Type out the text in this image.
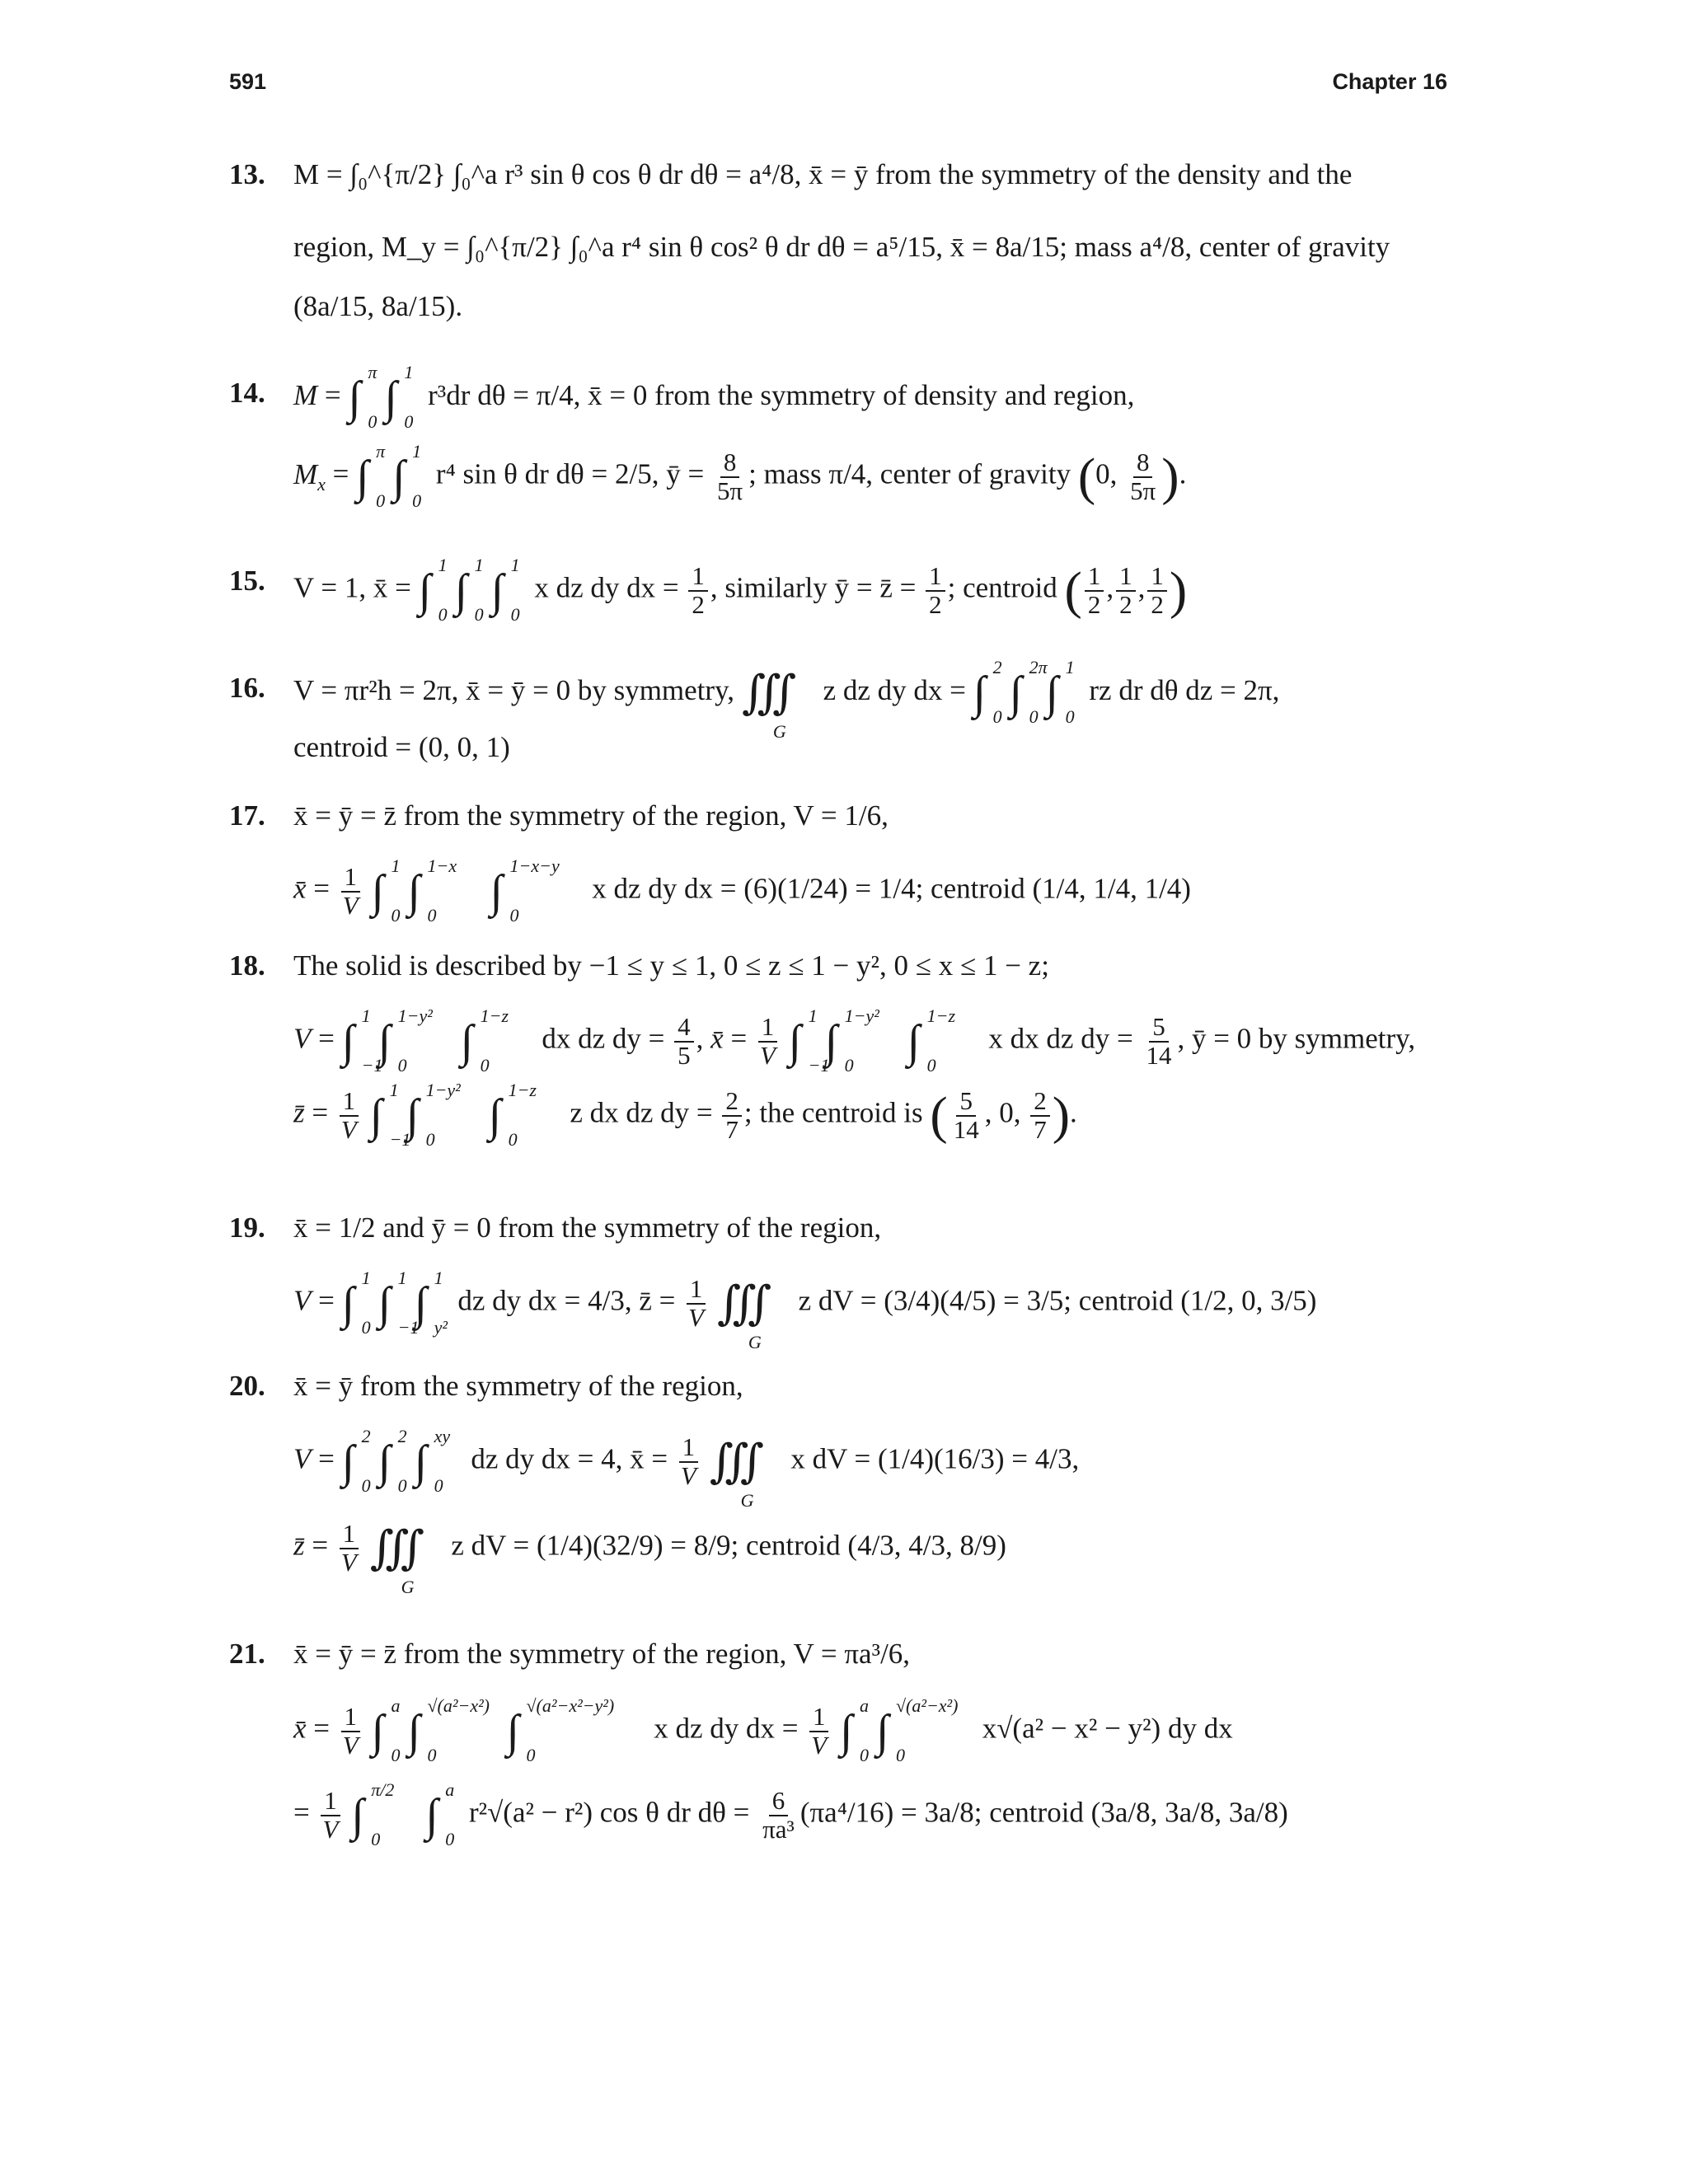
591	Chapter 16
13. M = ∫₀^{π/2} ∫₀^a r³ sin θ cos θ dr dθ = a⁴/8, x̄ = ȳ from the symmetry of the density and the
region, M_y = ∫₀^{π/2} ∫₀^a r⁴ sin θ cos² θ dr dθ = a⁵/15, x̄ = 8a/15; mass a⁴/8, center of gravity
(8a/15, 8a/15).
14. M = ∫
π
0 ∫
1
0
r³dr dθ = π/4, x̄ = 0 from the symmetry of density and region,
$M_x$ = ∫
π
0 ∫
1
0
r⁴ sin θ dr dθ = 2/5, ȳ = $\frac{8}{5\pi}$ ; mass π/4, center of gravity (0, $\frac{8}{5\pi}$ ).
15. V = 1, x̄ = ∫
1
0 ∫
1
0 ∫
1
0
x dz dy dx = $\frac{1}{2}$ , similarly ȳ = z̄ = $\frac{1}{2}$ ; centroid ( $\frac{1}{2}$ , $\frac{1}{2}$ , $\frac{1}{2}$ )
16. V = πr²h = 2π, x̄ = ȳ = 0 by symmetry, ∭
G
z dz dy dx = ∫
2
0 ∫
2π
0 ∫
1
0
rz dr dθ dz = 2π,
centroid = (0, 0, 1)
17. x̄ = ȳ = z̄ from the symmetry of the region, V = 1/6,
x̄ = $\frac{1}{V}$ ∫
1
0 ∫
1−x
0 ∫
1−x−y
0
x dz dy dx = (6)(1/24) = 1/4; centroid (1/4, 1/4, 1/4)
18. The solid is described by −1 ≤ y ≤ 1, 0 ≤ z ≤ 1 − y², 0 ≤ x ≤ 1 − z;
V = ∫
1
−1
∫
1−y²
0 ∫
1−z
0
dx dz dy = $\frac{4}{5}$ , x̄ = $\frac{1}{V}$ ∫
1
−1
∫
1−y²
0 ∫
1−z
0
x dx dz dy = $\frac{5}{14}$ , ȳ = 0 by symmetry,
z̄ = $\frac{1}{V}$ ∫
1
−1
∫
1−y²
0 ∫
1−z
0
z dx dz dy = $\frac{2}{7}$ ; the centroid is ( $\frac{5}{14}$ , 0, $\frac{2}{7}$ ).
19. x̄ = 1/2 and ȳ = 0 from the symmetry of the region,
V = ∫
1
0 ∫
1
−1
∫
1
y²
dz dy dx = 4/3, z̄ = $\frac{1}{V}$ ∭
G
z dV = (3/4)(4/5) = 3/5; centroid (1/2, 0, 3/5)
20. x̄ = ȳ from the symmetry of the region,
V = ∫
2
0 ∫
2
0 ∫
xy
0
dz dy dx = 4, x̄ = $\frac{1}{V}$ ∭
G
x dV = (1/4)(16/3) = 4/3,
z̄ = $\frac{1}{V}$ ∭
G
z dV = (1/4)(32/9) = 8/9; centroid (4/3, 4/3, 8/9)
21. x̄ = ȳ = z̄ from the symmetry of the region, V = πa³/6,
x̄ = $\frac{1}{V}$ ∫
a
0 ∫
√(a²−x²)
0 ∫
√(a²−x²−y²)
0
x dz dy dx = $\frac{1}{V}$ ∫
a
0 ∫
√(a²−x²)
0
x√(a² − x² − y²) dy dx
= $\frac{1}{V}$ ∫
π/2
0 ∫
a
0
r²√(a² − r²) cos θ dr $d\theta = \frac{6}{\text{πa³}} (\pi a^4/16) = 3a/8$; centroid (3a/8, 3a/8, 3a/8)
